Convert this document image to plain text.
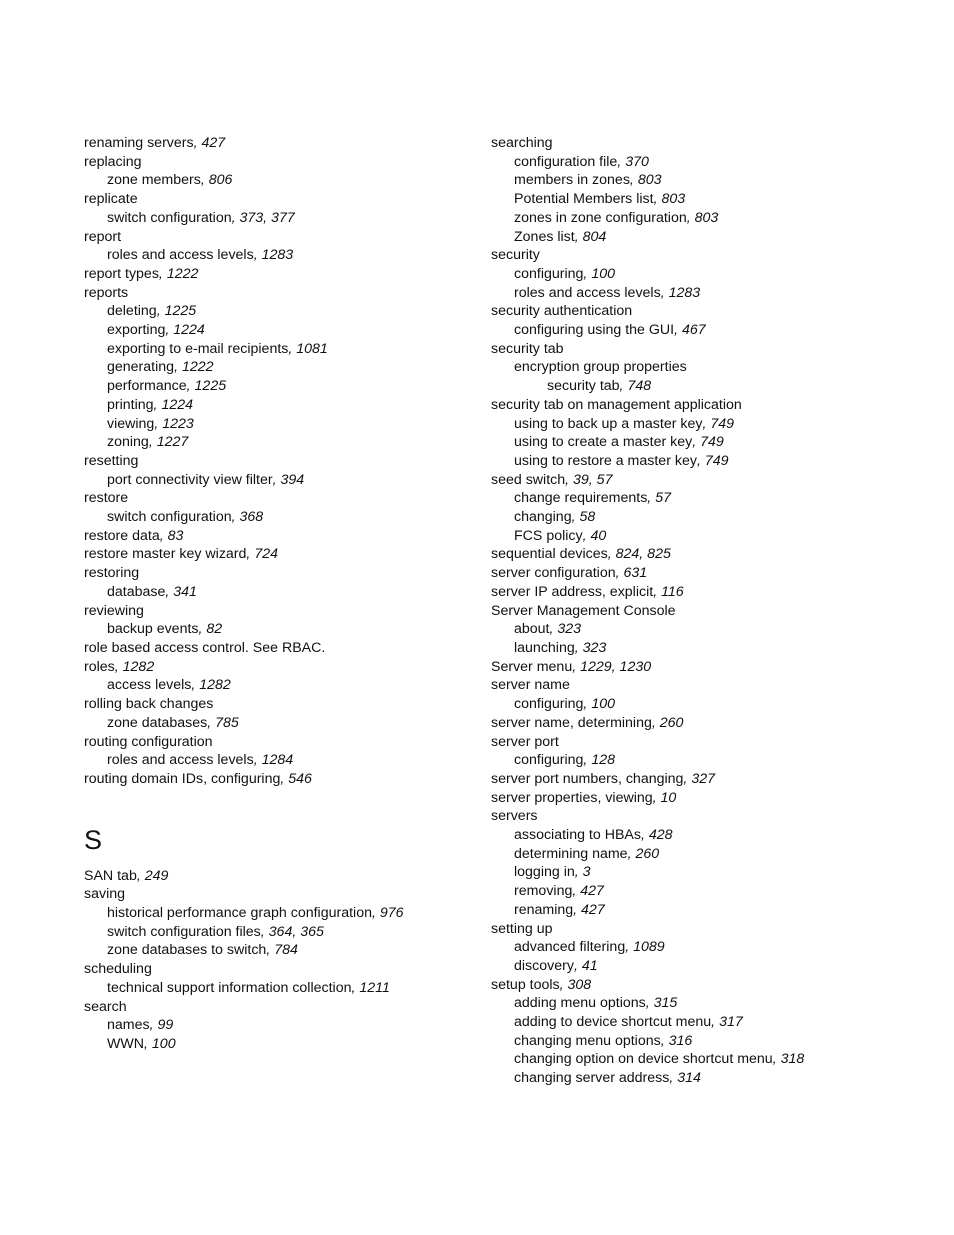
renaming servers, 427
replacing
zone members, 806
replicate
switch configuration, 373, 377
report
roles and access levels, 1283
report types, 1222
reports
deleting, 1225
exporting, 1224
exporting to e-mail recipients, 1081
generating, 1222
performance, 1225
printing, 1224
viewing, 1223
zoning, 1227
resetting
port connectivity view filter, 394
restore
switch configuration, 368
restore data, 83
restore master key wizard, 724
restoring
database, 341
reviewing
backup events, 82
role based access control. See RBAC.
roles, 1282
access levels, 1282
rolling back changes
zone databases, 785
routing configuration
roles and access levels, 1284
routing domain IDs, configuring, 546
S
SAN tab, 249
saving
historical performance graph configuration, 976
switch configuration files, 364, 365
zone databases to switch, 784
scheduling
technical support information collection, 1211
search
names, 99
WWN, 100
searching
configuration file, 370
members in zones, 803
Potential Members list, 803
zones in zone configuration, 803
Zones list, 804
security
configuring, 100
roles and access levels, 1283
security authentication
configuring using the GUI, 467
security tab
encryption group properties
security tab, 748
security tab on management application
using to back up a master key, 749
using to create a master key, 749
using to restore a master key, 749
seed switch, 39, 57
change requirements, 57
changing, 58
FCS policy, 40
sequential devices, 824, 825
server configuration, 631
server IP address, explicit, 116
Server Management Console
about, 323
launching, 323
Server menu, 1229, 1230
server name
configuring, 100
server name, determining, 260
server port
configuring, 128
server port numbers, changing, 327
server properties, viewing, 10
servers
associating to HBAs, 428
determining name, 260
logging in, 3
removing, 427
renaming, 427
setting up
advanced filtering, 1089
discovery, 41
setup tools, 308
adding menu options, 315
adding to device shortcut menu, 317
changing menu options, 316
changing option on device shortcut menu, 318
changing server address, 314
